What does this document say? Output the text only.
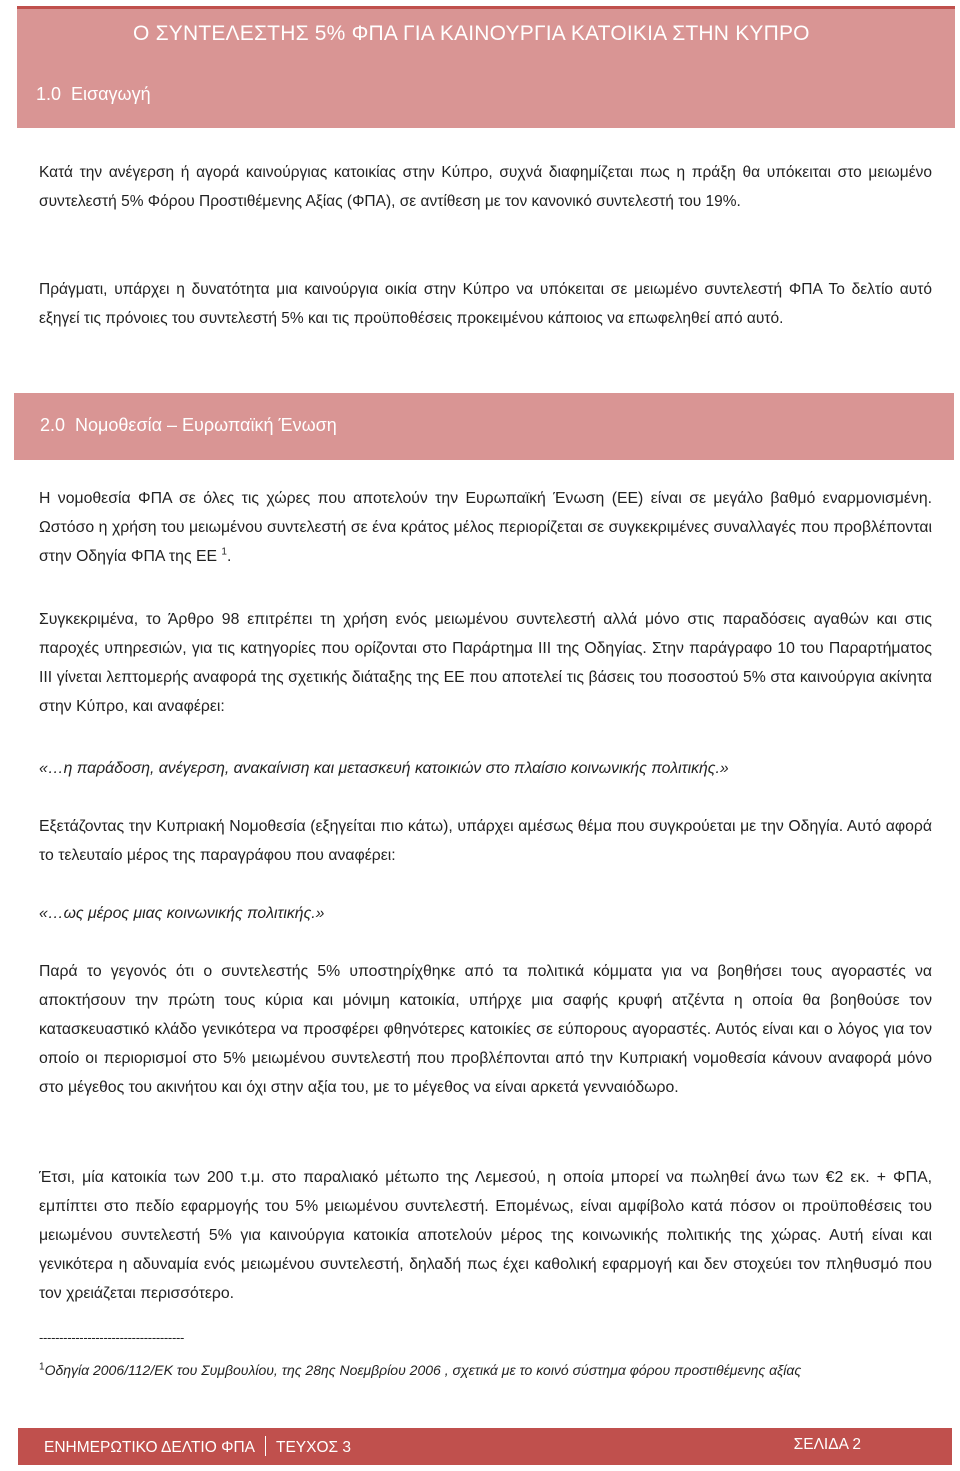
Ο ΣΥΝΤΕΛΕΣΤΗΣ 5% ΦΠΑ ΓΙΑ ΚΑΙΝΟΥΡΓΙΑ ΚΑΤΟΙΚΙΑ ΣΤΗΝ ΚΥΠΡΟ
1.0 Εισαγωγή

Κατά την ανέγερση ή αγορά καινούργιας κατοικίας στην Κύπρο, συχνά διαφημίζεται πως η πράξη θα υπόκειται στο μειωμένο συντελεστή 5% Φόρου Προστιθέμενης Αξίας (ΦΠΑ), σε αντίθεση με τον κανονικό συντελεστή του 19%.

Πράγματι, υπάρχει η δυνατότητα μια καινούργια οικία στην Κύπρο να υπόκειται σε μειωμένο συντελεστή ΦΠΑ Το δελτίο αυτό εξηγεί τις πρόνοιες του συντελεστή 5% και τις προϋποθέσεις προκειμένου κάποιος να επωφεληθεί από αυτό.

2.0 Νομοθεσία – Ευρωπαϊκή Ένωση

Η νομοθεσία ΦΠΑ σε όλες τις χώρες που αποτελούν την Ευρωπαϊκή Ένωση (ΕΕ) είναι σε μεγάλο βαθμό εναρμονισμένη. Ωστόσο η χρήση του μειωμένου συντελεστή σε ένα κράτος μέλος περιορίζεται σε συγκεκριμένες συναλλαγές που προβλέπονται στην Οδηγία ΦΠΑ της ΕΕ $^1$.

Συγκεκριμένα, το Άρθρο 98 επιτρέπει τη χρήση ενός μειωμένου συντελεστή αλλά μόνο στις παραδόσεις αγαθών και στις παροχές υπηρεσιών, για τις κατηγορίες που ορίζονται στο Παράρτημα ΙΙΙ της Οδηγίας. Στην παράγραφο 10 του Παραρτήματος ΙΙΙ γίνεται λεπτομερής αναφορά της σχετικής διάταξης της ΕΕ που αποτελεί τις βάσεις του ποσοστού 5% στα καινούργια ακίνητα στην Κύπρο, και αναφέρει:

«…η παράδοση, ανέγερση, ανακαίνιση και μετασκευή κατοικιών στο πλαίσιο κοινωνικής πολιτικής.»

Εξετάζοντας την Κυπριακή Νομοθεσία (εξηγείται πιο κάτω), υπάρχει αμέσως θέμα που συγκρούεται με την Οδηγία. Αυτό αφορά το τελευταίο μέρος της παραγράφου που αναφέρει:

«…ως μέρος μιας κοινωνικής πολιτικής.»

Παρά το γεγονός ότι ο συντελεστής 5% υποστηρίχθηκε από τα πολιτικά κόμματα για να βοηθήσει τους αγοραστές να αποκτήσουν την πρώτη τους κύρια και μόνιμη κατοικία, υπήρχε μια σαφής κρυφή ατζέντα η οποία θα βοηθούσε τον κατασκευαστικό κλάδο γενικότερα να προσφέρει φθηνότερες κατοικίες σε εύπορους αγοραστές. Αυτός είναι και ο λόγος για τον οποίο οι περιορισμοί στο 5% μειωμένου συντελεστή που προβλέπονται από την Κυπριακή νομοθεσία κάνουν αναφορά μόνο στο μέγεθος του ακινήτου και όχι στην αξία του, με το μέγεθος να είναι αρκετά γενναιόδωρο.

Έτσι, μία κατοικία των 200 τ.μ. στο παραλιακό μέτωπο της Λεμεσού, η οποία μπορεί να πωληθεί άνω των €2 εκ. + ΦΠΑ, εμπίπτει στο πεδίο εφαρμογής του 5% μειωμένου συντελεστή. Επομένως, είναι αμφίβολο κατά πόσον οι προϋποθέσεις του μειωμένου συντελεστή 5% για καινούργια κατοικία αποτελούν μέρος της κοινωνικής πολιτικής της χώρας. Αυτή είναι και γενικότερα η αδυναμία ενός μειωμένου συντελεστή, δηλαδή πως έχει καθολική εφαρμογή και δεν στοχεύει τον πληθυσμό που τον χρειάζεται περισσότερο.

------------------------------------

$^1$Οδηγία 2006/112/ΕΚ του Συμβουλίου, της 28ης Νοεμβρίου 2006 , σχετικά με το κοινό σύστημα φόρου προστιθέμενης αξίας

ΕΝΗΜΕΡΩΤΙΚΟ ΔΕΛΤΙΟ ΦΠΑ ΤΕΥΧΟΣ 3	ΣΕΛΙΔΑ 2
